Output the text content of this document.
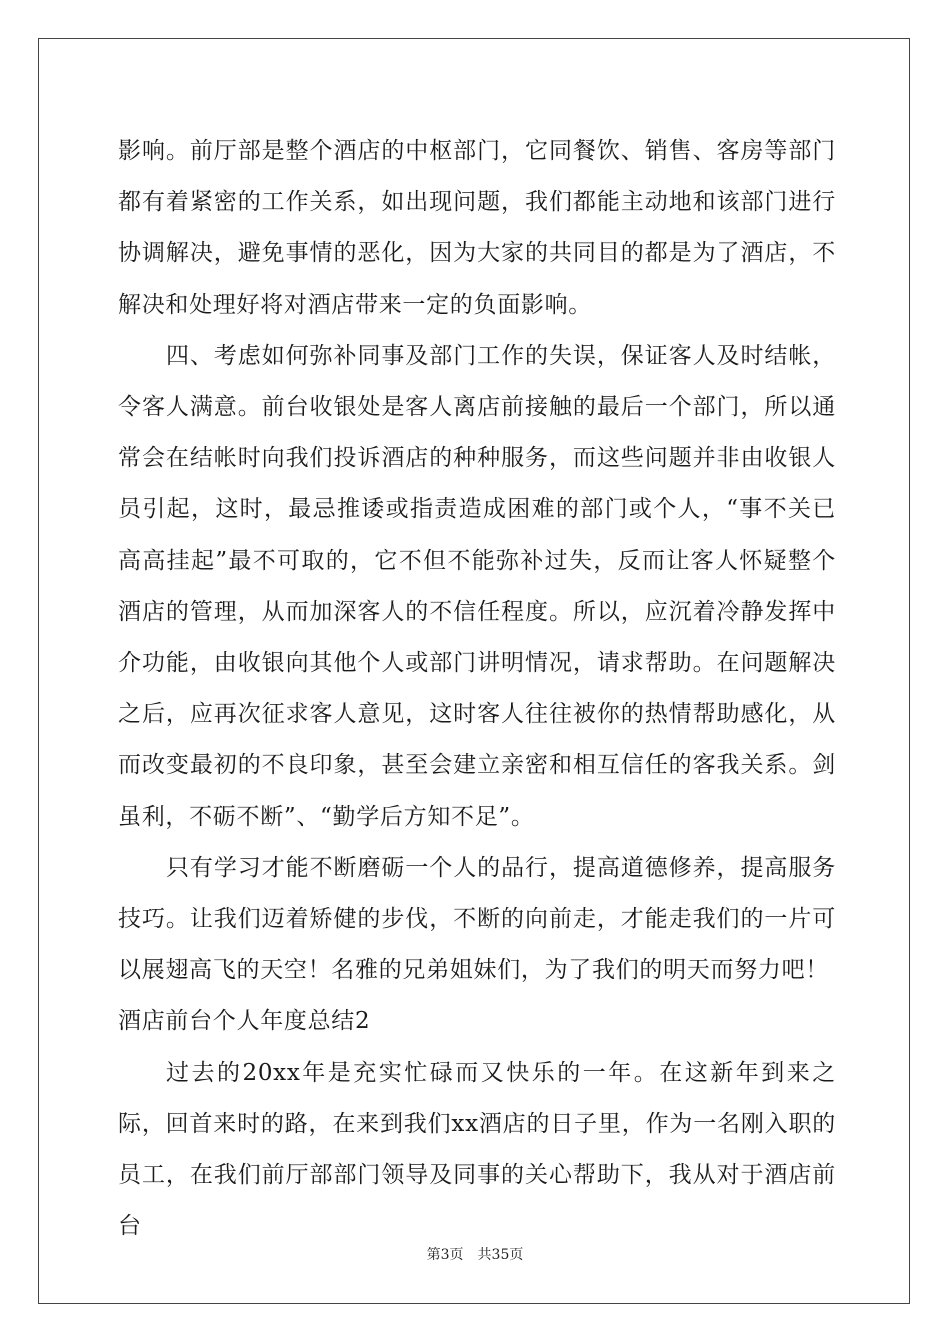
影响。前厅部是整个酒店的中枢部门，它同餐饮、销售、客房等部门都有着紧密的工作关系，如出现问题，我们都能主动地和该部门进行协调解决，避免事情的恶化，因为大家的共同目的都是为了酒店，不解决和处理好将对酒店带来一定的负面影响。

四、考虑如何弥补同事及部门工作的失误，保证客人及时结帐，令客人满意。前台收银处是客人离店前接触的最后一个部门，所以通常会在结帐时向我们投诉酒店的种种服务，而这些问题并非由收银人员引起，这时，最忌推诿或指责造成困难的部门或个人，“事不关已高高挂起”最不可取的，它不但不能弥补过失，反而让客人怀疑整个酒店的管理，从而加深客人的不信任程度。所以，应沉着冷静发挥中介功能，由收银向其他个人或部门讲明情况，请求帮助。在问题解决之后，应再次征求客人意见，这时客人往往被你的热情帮助感化，从而改变最初的不良印象，甚至会建立亲密和相互信任的客我关系。剑虽利，不砺不断”、“勤学后方知不足”。

只有学习才能不断磨砺一个人的品行，提高道德修养，提高服务技巧。让我们迈着矫健的步伐，不断的向前走，才能走我们的一片可以展翅高飞的天空！名雅的兄弟姐妹们，为了我们的明天而努力吧！

酒店前台个人年度总结2

过去的20xx年是充实忙碌而又快乐的一年。在这新年到来之际，回首来时的路，在来到我们xx酒店的日子里，作为一名刚入职的员工，在我们前厅部部门领导及同事的关心帮助下，我从对于酒店前台

第3页 共35页
